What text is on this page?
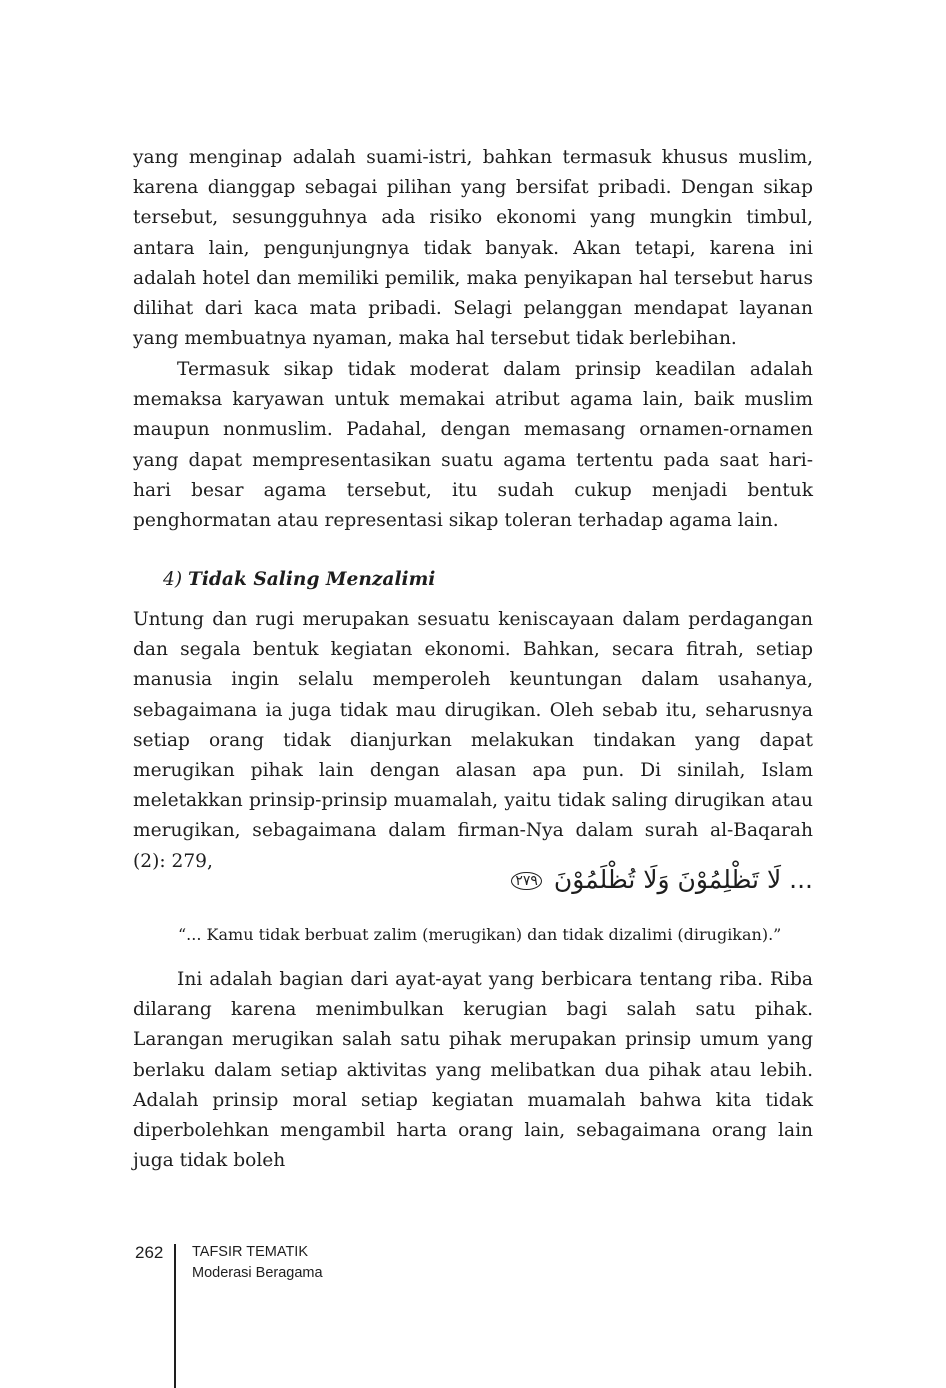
yang menginap adalah suami-istri, bahkan termasuk khusus muslim, karena dianggap sebagai pilihan yang bersifat pribadi. Dengan sikap tersebut, sesungguhnya ada risiko ekonomi yang mungkin timbul, antara lain, pengunjungnya tidak banyak. Akan tetapi, karena ini adalah hotel dan memiliki pemilik, maka penyikapan hal tersebut harus dilihat dari kaca mata pribadi. Selagi pelanggan mendapat layanan yang membuatnya nyaman, maka hal tersebut tidak berlebihan.

Termasuk sikap tidak moderat dalam prinsip keadilan adalah memaksa karyawan untuk memakai atribut agama lain, baik muslim maupun nonmuslim. Padahal, dengan memasang ornamen-ornamen yang dapat mempresentasikan suatu agama tertentu pada saat hari-hari besar agama tersebut, itu sudah cukup menjadi bentuk penghormatan atau representasi sikap toleran terhadap agama lain.

4) Tidak Saling Menzalimi

Untung dan rugi merupakan sesuatu keniscayaan dalam perdagangan dan segala bentuk kegiatan ekonomi. Bahkan, secara fitrah, setiap manusia ingin selalu memperoleh keuntungan dalam usahanya, sebagaimana ia juga tidak mau dirugikan. Oleh sebab itu, seharusnya setiap orang tidak dianjurkan melakukan tindakan yang dapat merugikan pihak lain dengan alasan apa pun. Di sinilah, Islam meletakkan prinsip-prinsip muamalah, yaitu tidak saling dirugikan atau merugikan, sebagaimana dalam firman-Nya dalam surah al-Baqarah (2): 279,

... لَا تَظْلِمُوْنَ وَلَا تُظْلَمُوْنَ ٢٧٩

“... Kamu tidak berbuat zalim (merugikan) dan tidak dizalimi (dirugikan).”

Ini adalah bagian dari ayat-ayat yang berbicara tentang riba. Riba dilarang karena menimbulkan kerugian bagi salah satu pihak. Larangan merugikan salah satu pihak merupakan prinsip umum yang berlaku dalam setiap aktivitas yang melibatkan dua pihak atau lebih. Adalah prinsip moral setiap kegiatan muamalah bahwa kita tidak diperbolehkan mengambil harta orang lain, sebagaimana orang lain juga tidak boleh

262 TAFSIR TEMATIK
Moderasi Beragama
